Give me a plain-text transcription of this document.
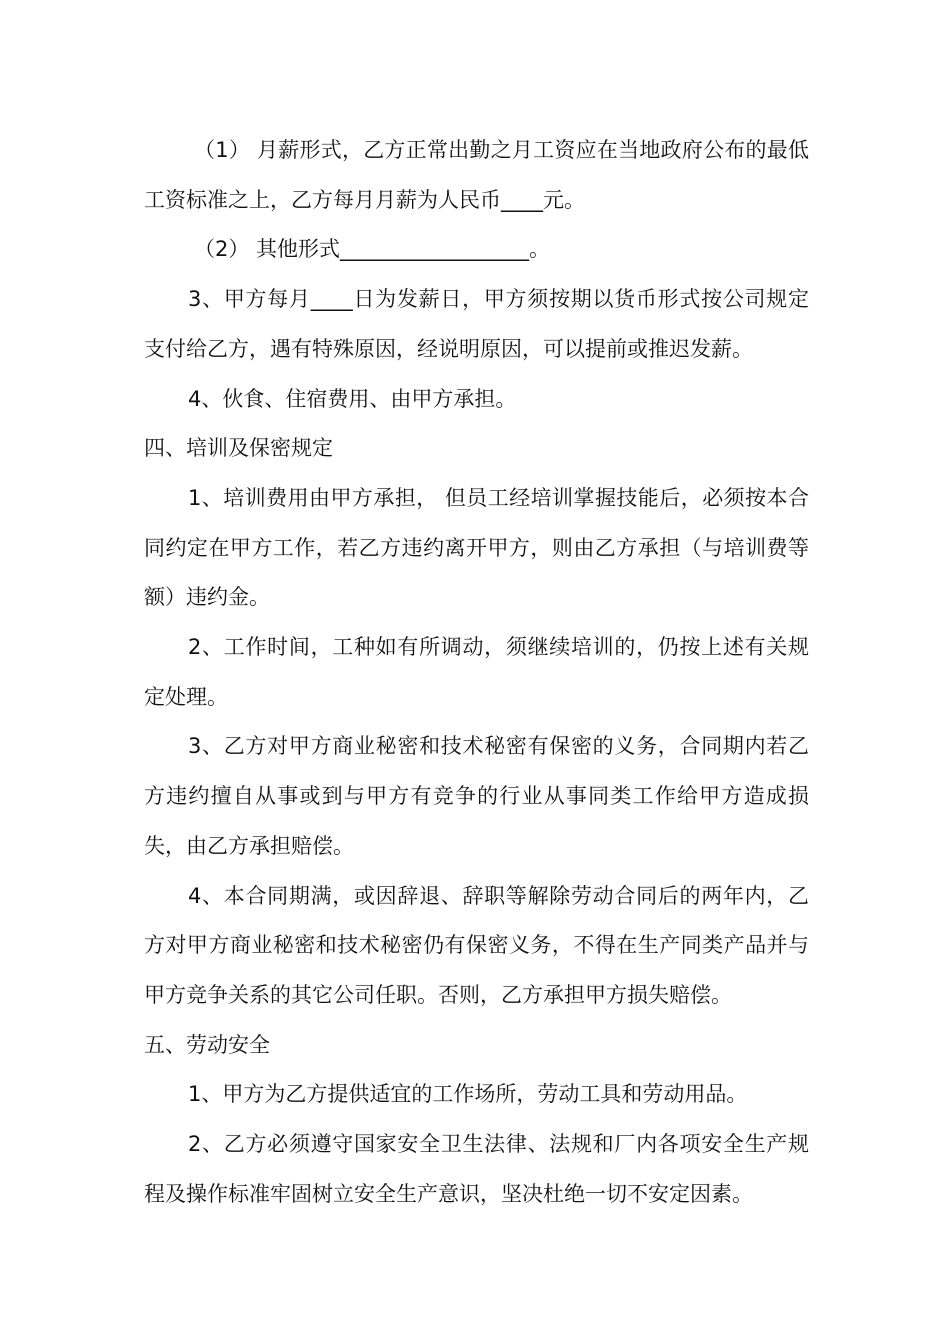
（1） 月薪形式，乙方正常出勤之月工资应在当地政府公布的最低工资标准之上，乙方每月月薪为人民币____元。

（2） 其他形式__________________。

3、甲方每月____日为发薪日，甲方须按期以货币形式按公司规定支付给乙方，遇有特殊原因，经说明原因，可以提前或推迟发薪。

4、伙食、住宿费用、由甲方承担。

四、培训及保密规定

1、培训费用由甲方承担， 但员工经培训掌握技能后，必须按本合同约定在甲方工作，若乙方违约离开甲方，则由乙方承担（与培训费等额）违约金。

2、工作时间，工种如有所调动，须继续培训的，仍按上述有关规定处理。

3、乙方对甲方商业秘密和技术秘密有保密的义务，合同期内若乙方违约擅自从事或到与甲方有竞争的行业从事同类工作给甲方造成损失，由乙方承担赔偿。

4、本合同期满，或因辞退、辞职等解除劳动合同后的两年内，乙方对甲方商业秘密和技术秘密仍有保密义务，不得在生产同类产品并与甲方竞争关系的其它公司任职。否则，乙方承担甲方损失赔偿。

五、劳动安全

1、甲方为乙方提供适宜的工作场所，劳动工具和劳动用品。

2、乙方必须遵守国家安全卫生法律、法规和厂内各项安全生产规程及操作标准牢固树立安全生产意识，坚决杜绝一切不安定因素。
